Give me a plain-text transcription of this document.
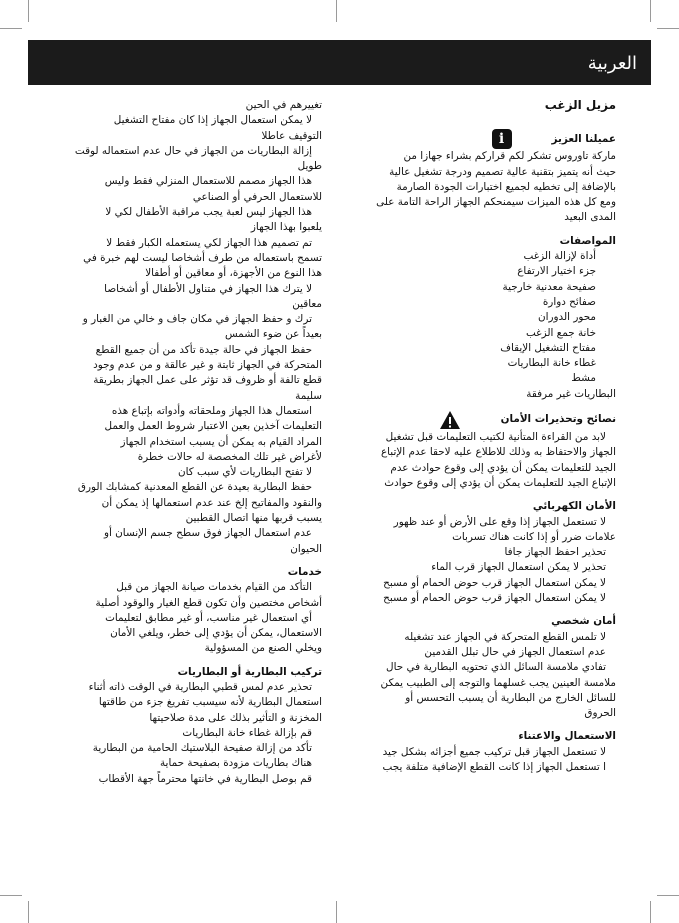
العربية

مزيل الزغب

عميلنا العزيز
i

ماركة تاوروس تشكر لكم قراركم بشراء جهازا من

حيث أنه يتميز بتقنية عالية تصميم ودرجة تشغيل عالية

بالإضافة إلى تخطيه لجميع اختبارات الجودة الصارمة

ومع كل هذه الميزات سيمنحكم الجهاز الراحة التامة على

المدى البعيد

المواصفات

أداة لإزالة الزغب

جزء اختيار الارتفاع

صفيحة معدنية خارجية

صفائح دوارة

محور الدوران

خانة جمع الزغب

مفتاح التشغيل الإيقاف

غطاء خانة البطاريات

مشط

البطاريات غير مرفقة

نصائح وتحذيرات الأمان

لابد من القراءة المتأنية لكتيب التعليمات قبل تشغيل

الجهاز والاحتفاظ به وذلك للاطلاع عليه لاحقا عدم الإتباع

الجيد للتعليمات يمكن أن يؤدي إلى وقوع حوادث عدم

الإتباع الجيد للتعليمات يمكن أن يؤدي إلى وقوع حوادث

الأمان الكهربائي

لا تستعمل الجهاز إذا وقع على الأرض أو عند ظهور

علامات ضرر أو إذا كانت هناك تسربات

تحذير احفظ الجهاز جافا

تحذير لا يمكن استعمال الجهاز قرب الماء

لا يمكن استعمال الجهاز قرب حوض الحمام أو مسبح

لا يمكن استعمال الجهاز قرب حوض الحمام أو مسبح

أمان شخصي

لا تلمس القطع المتحركة في الجهاز عند تشغيله

عدم استعمال الجهاز في حال تبلل القدمين

تفادي ملامسة السائل الذي تحتويه البطارية في حال

ملامسة العينين يجب غسلهما والتوجه إلى الطبيب يمكن

للسائل الخارج من البطارية أن يسبب التحسس أو

الحروق

الاستعمال والاعتناء

لا تستعمل الجهاز قبل تركيب جميع أجزائه بشكل جيد

ا تستعمل الجهاز إذا كانت القطع الإضافية متلفة يجب

تغييرهم في الحين

لا يمكن استعمال الجهاز إذا كان مفتاح التشغيل

التوقيف عاطلا

إزالة البطاريات من الجهاز في حال عدم استعماله لوقت

طويل

هذا الجهاز مصمم للاستعمال المنزلي فقط وليس

للاستعمال الحرفي أو الصناعي

هذا الجهاز ليس لعبة يجب مراقبة الأطفال لكي لا

يلعبوا بهذا الجهاز

تم تصميم هذا الجهاز لكي يستعمله الكبار فقط لا

تسمح باستعماله من طرف أشخاصا ليست لهم خبرة في

هذا النوع من الأجهزة، أو معاقين أو أطفالا

لا يترك هذا الجهاز في متناول الأطفال أو أشخاصا

معاقين

ترك و حفظ الجهاز في مكان جاف و خالي من الغبار و

بعيداً عن ضوء الشمس

حفظ الجهاز في حالة جيدة تأكد من أن جميع القطع

المتحركة في الجهاز ثابتة و غير عالقة و من عدم وجود

قطع تالفة أو ظروف قد تؤثر على عمل الجهاز بطريقة

سليمة

استعمال هذا الجهاز وملحقاته وأدواته بإتباع هذه

التعليمات آخذين بعين الاعتبار شروط العمل والعمل

المراد القيام به يمكن أن يسبب استخدام الجهاز

لأغراض غير تلك المخصصة له حالات خطرة

لا تفتح البطاريات لأي سبب كان

حفظ البطارية بعيدة عن القطع المعدنية كمشابك الورق

والنقود والمفاتيح إلخ عند عدم استعمالها إذ يمكن أن

يسبب قربها منها اتصال القطبين

عدم استعمال الجهاز فوق سطح جسم الإنسان أو

الحيوان

خدمات

التأكد من القيام بخدمات صيانة الجهاز من قبل

أشخاص مختصين وأن تكون قطع الغيار والوقود أصلية

أي استعمال غير مناسب، أو غير مطابق لتعليمات

الاستعمال، يمكن أن يؤدي إلى خطر، ويلغي الأمان

ويخلي الصنع من المسؤولية

تركيب البطارية أو البطاريات

تحذير عدم لمس قطبي البطارية في الوقت ذاته أثناء

استعمال البطارية لأنه سيسبب تفريغ جزء من طاقتها

المخزنة و التأثير بذلك على مدة صلاحيتها

قم بإزالة غطاء خانة البطاريات

تأكد من إزالة صفيحة البلاستيك الحامية من البطارية

هناك بطاريات مزودة بصفيحة حماية

قم بوصل البطارية في خانتها محترماً جهة الأقطاب
